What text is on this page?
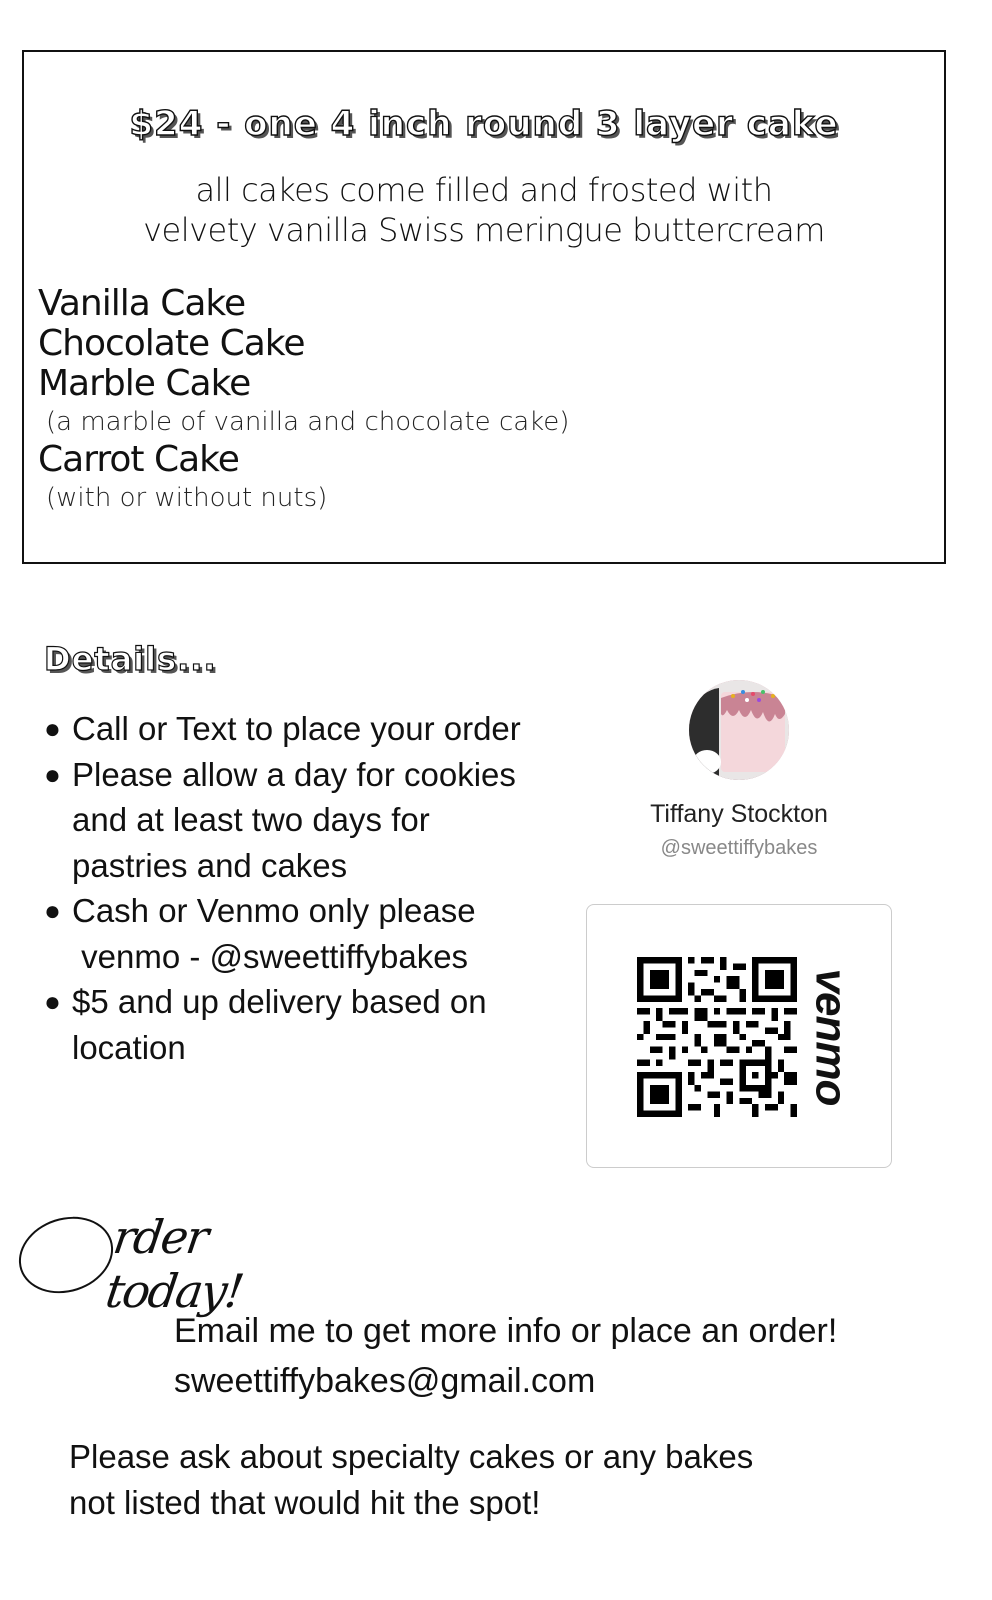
$24 - one 4 inch round 3 layer cake
all cakes come filled and frosted with
velvety vanilla Swiss meringue buttercream

Vanilla Cake

Chocolate Cake

Marble Cake

(a marble of vanilla and chocolate cake)

Carrot Cake

(with or without nuts)

Details...
● Call or Text to place your order
● Please allow a day for cookies
and at least two days for
pastries and cakes
● Cash or Venmo only please
venmo - @sweettiffybakes
● $5 and up delivery based on
location
Tiffany Stockton
@sweettiffybakes
venmo
rder today!
Email me to get more info or place an order!
sweettiffybakes@gmail.com
Please ask about specialty cakes or any bakes
not listed that would hit the spot!
